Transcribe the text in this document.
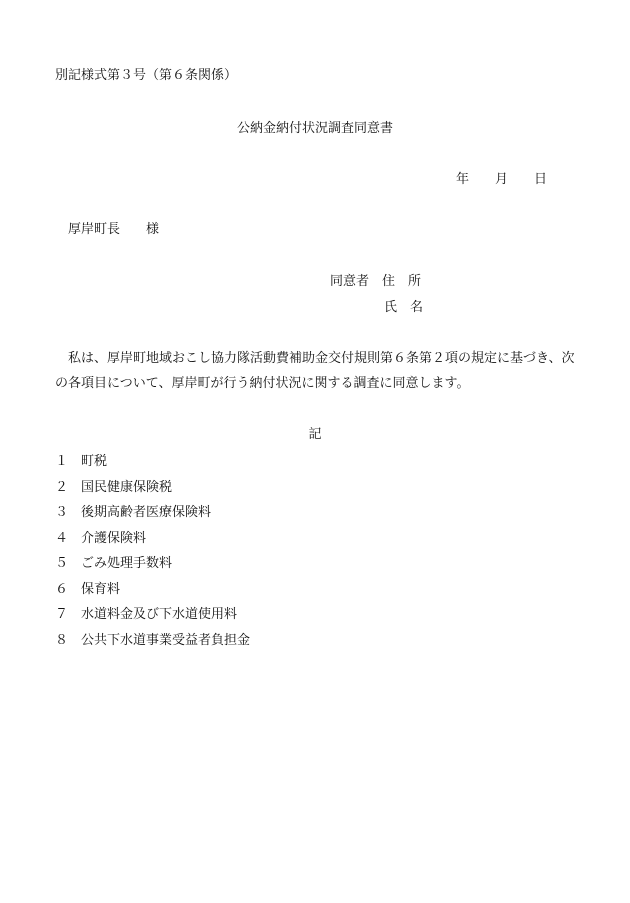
別記様式第３号（第６条関係）
公納金納付状況調査同意書
年 月 日
厚岸町長 様
同意者 住　所
氏　名
私は、厚岸町地域おこし協力隊活動費補助金交付規則第６条第２項の規定に基づき、次の各項目について、厚岸町が行う納付状況に関する調査に同意します。
記
１ 町税
２ 国民健康保険税
３ 後期高齢者医療保険料
４ 介護保険料
５ ごみ処理手数料
６ 保育料
７ 水道料金及び下水道使用料
８ 公共下水道事業受益者負担金
